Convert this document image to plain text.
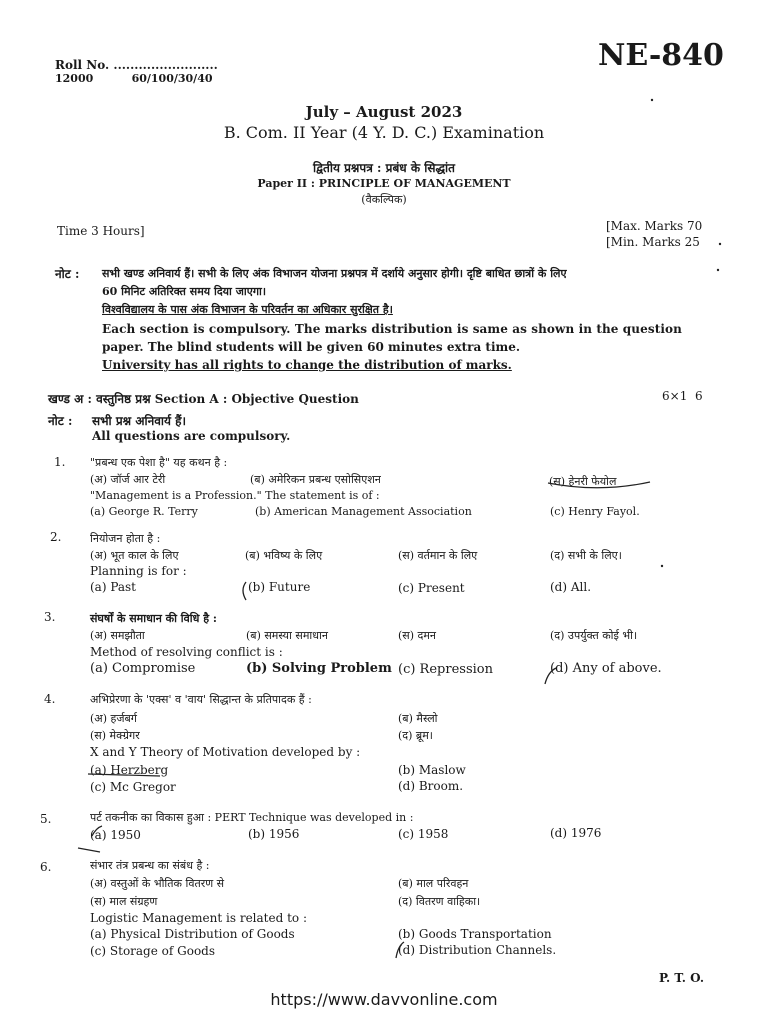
Roll No. .........................
12000          60/100/30/40
NE-840
July – August 2023
B. Com. II Year (4 Y. D. C.) Examination
द्वितीय प्रश्नपत्र : प्रबंध के सिद्धांत
Paper II : PRINCIPLE OF MANAGEMENT
(वैकल्पिक)
Time 3 Hours]	[Max. Marks 70
[Min. Marks 25
नोट : सभी खण्ड अनिवार्य हैं। सभी के लिए अंक विभाजन योजना प्रश्नपत्र में दर्शाये अनुसार होगी। दृष्टि बाधित छात्रों के लिए
60 मिनिट अतिरिक्त समय दिया जाएगा।
विश्वविद्यालय के पास अंक विभाजन के परिवर्तन का अधिकार सुरक्षित है।
Each section is compulsory. The marks distribution is same as shown in the question
paper. The blind students will be given 60 minutes extra time.
University has all rights to change the distribution of marks.
खण्ड अ : वस्तुनिष्ठ प्रश्न Section A : Objective Question	6×1  6
नोट : सभी प्रश्न अनिवार्य हैं।
All questions are compulsory.
1. "प्रबन्ध एक पेशा है" यह कथन है :
(अ) जॉर्ज आर टेरी	(ब) अमेरिकन प्रबन्ध एसोसिएशन	(स) हेनरी फेयोल
"Management is a Profession." The statement is of :
(a) George R. Terry	(b) American Management Association	(c) Henry Fayol.
2.	नियोजन होता है :
(अ) भूत काल के लिए	(ब) भविष्य के लिए	(स) वर्तमान के लिए	(द) सभी के लिए।
Planning is for :
(a) Past	(b) Future	(c) Present	(d) All.
3.	संघर्षों के समाधान की विधि है :
(अ) समझौता	(ब) समस्या समाधान	(स) दमन	(द) उपर्युक्त कोई भी।
Method of resolving conflict is :
(a) Compromise	(b) Solving Problem (c) Repression	(d) Any of above.
4.	अभिप्रेरणा के 'एक्स' व 'वाय' सिद्धान्त के प्रतिपादक हैं :
(अ) हर्जबर्ग	(ब) मैस्लो
(स) मेक्ग्रेगर	(द) ब्रूम।
X and Y Theory of Motivation developed by :
(a) Herzberg	(b) Maslow
(c) Mc Gregor	(d) Broom.
5.	पर्ट तकनीक का विकास हुआ : PERT Technique was developed in :
(a) 1950	(b) 1956	(c) 1958	(d) 1976
6.	संभार तंत्र प्रबन्ध का संबंध है :
(अ) वस्तुओं के भौतिक वितरण से	(ब) माल परिवहन
(स) माल संग्रहण	(द) वितरण वाहिका।
Logistic Management is related to :
(a) Physical Distribution of Goods	(b) Goods Transportation
(c) Storage of Goods	(d) Distribution Channels.
P. T. O.
https://www.davvonline.com
